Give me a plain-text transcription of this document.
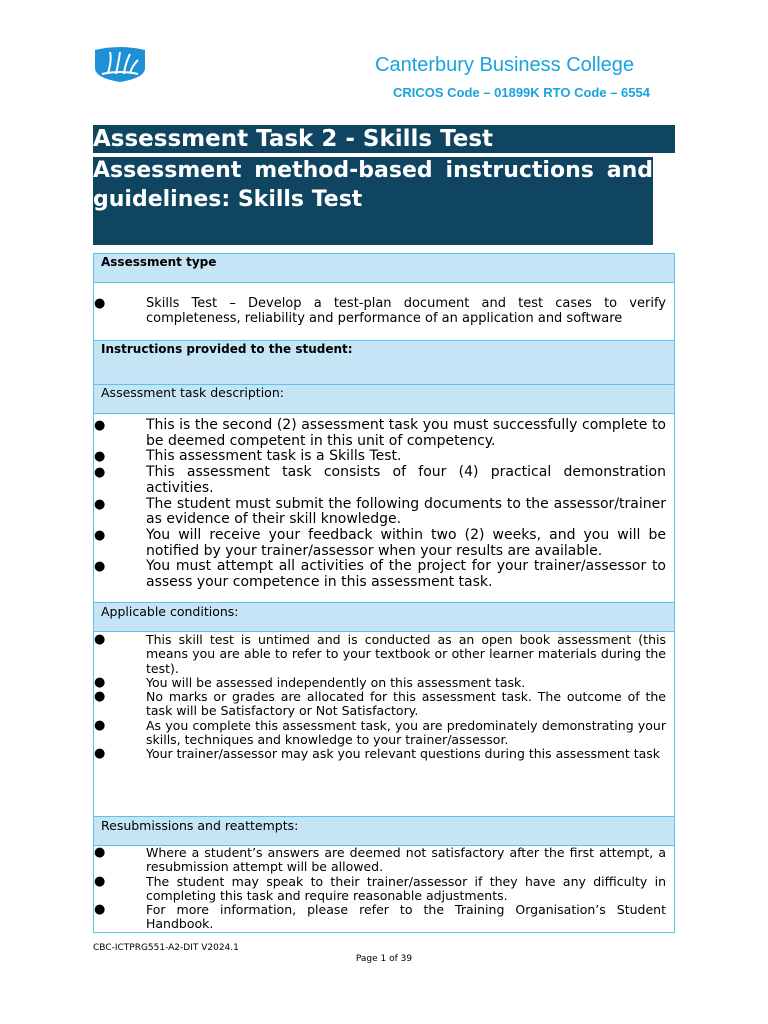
Canterbury Business College
CRICOS Code – 01899K RTO Code – 6554
Assessment Task 2 - Skills Test
Assessment method-based instructions and guidelines: Skills Test
Assessment type
●	Skills Test – Develop a test-plan document and test cases to verify completeness, reliability and performance of an application and software
Instructions provided to the student:
Assessment task description:
●	This is the second (2) assessment task you must successfully complete to be deemed competent in this unit of competency.
●	This assessment task is a Skills Test.
●	This assessment task consists of four (4) practical demonstration activities.
●	The student must submit the following documents to the assessor/trainer as evidence of their skill knowledge.
●	You will receive your feedback within two (2) weeks, and you will be notified by your trainer/assessor when your results are available.
●	You must attempt all activities of the project for your trainer/assessor to assess your competence in this assessment task.
Applicable conditions:
●	This skill test is untimed and is conducted as an open book assessment (this means you are able to refer to your textbook or other learner materials during the test).
●	You will be assessed independently on this assessment task.
●	No marks or grades are allocated for this assessment task. The outcome of the task will be Satisfactory or Not Satisfactory.
●	As you complete this assessment task, you are predominately demonstrating your skills, techniques and knowledge to your trainer/assessor.
●	Your trainer/assessor may ask you relevant questions during this assessment task
Resubmissions and reattempts:
●	Where a student’s answers are deemed not satisfactory after the first attempt, a resubmission attempt will be allowed.
●	The student may speak to their trainer/assessor if they have any difficulty in completing this task and require reasonable adjustments.
●	For more information, please refer to the Training Organisation’s Student Handbook.
CBC-ICTPRG551-A2-DIT V2024.1
Page 1 of 39
